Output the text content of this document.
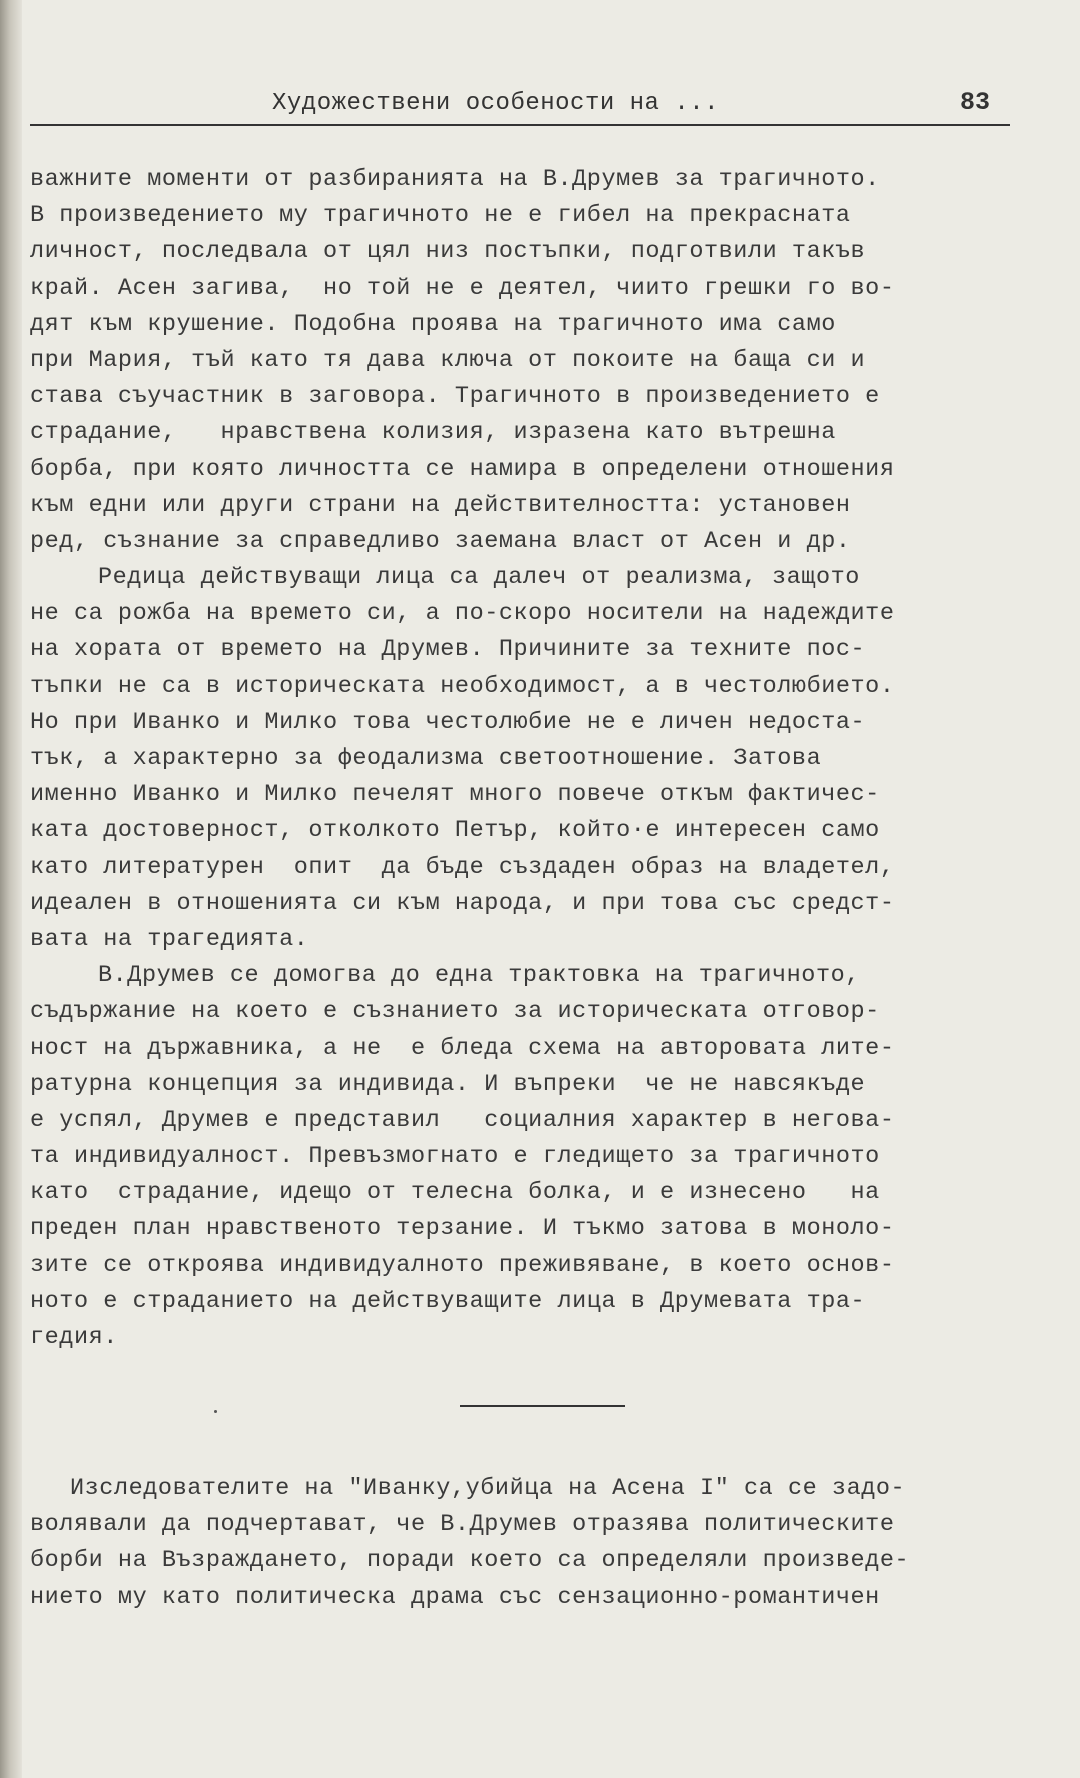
Художествени особености на ...	83
важните моменти от разбиранията на В.Друмев за трагичното.
В произведението му трагичното не е гибел на прекрасната
личност, последвала от цял низ постъпки, подготвили такъв
край. Асен загива,  но той не е деятел, чиито грешки го во-
дят към крушение. Подобна проява на трагичното има само
при Мария, тъй като тя дава ключа от покоите на баща си и
става съучастник в заговора. Трагичното в произведението е
страдание,   нравствена колизия, изразена като вътрешна
борба, при която личността се намира в определени отношения
към едни или други страни на действителността: установен
ред, съзнание за справедливо заемана власт от Асен и др.
Редица действуващи лица са далеч от реализма, защото
не са рожба на времето си, а по-скоро носители на надеждите
на хората от времето на Друмев. Причините за техните пос-
тъпки не са в историческата необходимост, а в честолюбието.
Но при Иванко и Милко това честолюбие не е личен недоста-
тък, а характерно за феодализма светоотношение. Затова
именно Иванко и Милко печелят много повече откъм фактичес-
ката достоверност, отколкото Петър, който·е интересен само
като литературен  опит  да бъде създаден образ на владетел,
идеален в отношенията си към народа, и при това със средст-
вата на трагедията.
В.Друмев се домогва до една трактовка на трагичното,
съдържание на което е съзнанието за историческата отговор-
ност на държавника, а не  е бледа схема на авторовата лите-
ратурна концепция за индивида. И въпреки  че не навсякъде
е успял, Друмев е представил   социалния характер в негова-
та индивидуалност. Превъзмогнато е гледището за трагичното
като  страдание, идещо от телесна болка, и е изнесено   на
преден план нравственото терзание. И тъкмо затова в моноло-
зите се откроява индивидуалното преживяване, в което основ-
ното е страданието на действуващите лица в Друмевата тра-
гедия.
Изследователите на "Иванку,убийца на Асена I" са се задо-
волявали да подчертават, че В.Друмев отразява политическите
борби на Възраждането, поради което са определяли произведе-
нието му като политическа драма със сензационно-романтичен
